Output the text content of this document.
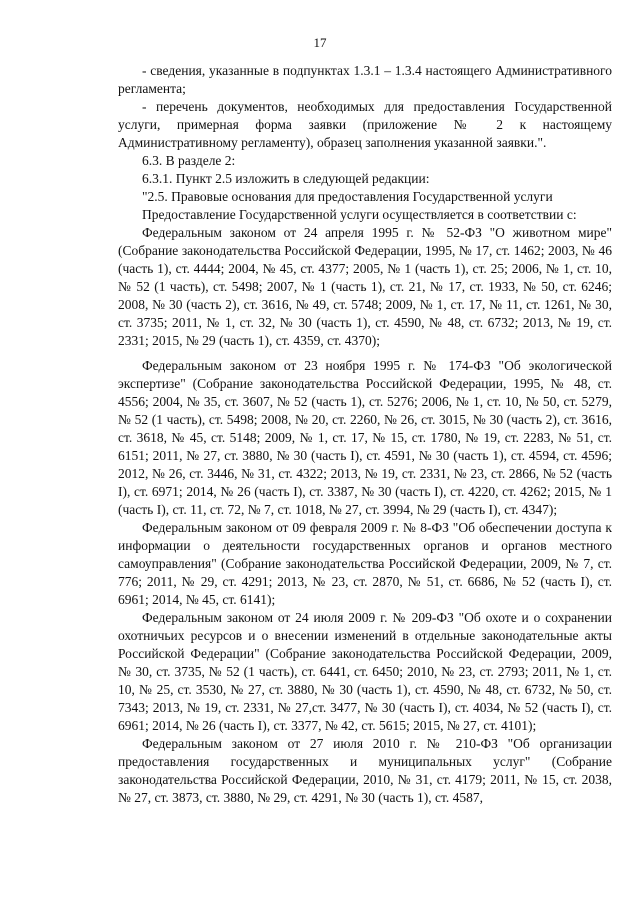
17

- сведения, указанные в подпунктах 1.3.1 – 1.3.4 настоящего Административного регламента;

- перечень документов, необходимых для предоставления Государственной услуги, примерная форма заявки (приложение № 2 к настоящему Административному регламенту), образец заполнения указанной заявки.".

6.3. В разделе 2:

6.3.1. Пункт 2.5 изложить в следующей редакции:

"2.5. Правовые основания для предоставления Государственной услуги

Предоставление Государственной услуги осуществляется в соответствии с:

Федеральным законом от 24 апреля 1995 г. № 52-ФЗ "О животном мире" (Собрание законодательства Российской Федерации, 1995, № 17, ст. 1462; 2003, № 46 (часть 1), ст. 4444; 2004, № 45, ст. 4377; 2005, № 1 (часть 1), ст. 25; 2006, № 1, ст. 10, № 52 (1 часть), ст. 5498; 2007, № 1 (часть 1), ст. 21, № 17, ст. 1933, № 50, ст. 6246; 2008, № 30 (часть 2), ст. 3616, № 49, ст. 5748; 2009, № 1, ст. 17, № 11, ст. 1261, № 30, ст. 3735; 2011, № 1, ст. 32, № 30 (часть 1), ст. 4590, № 48, ст. 6732; 2013, № 19, ст. 2331; 2015, № 29 (часть 1), ст. 4359, ст. 4370);

Федеральным законом от 23 ноября 1995 г. № 174-ФЗ "Об экологической экспертизе" (Собрание законодательства Российской Федерации, 1995, № 48, ст. 4556; 2004, № 35, ст. 3607, № 52 (часть 1), ст. 5276; 2006, № 1, ст. 10, № 50, ст. 5279, № 52 (1 часть), ст. 5498; 2008, № 20, ст. 2260, № 26, ст. 3015, № 30 (часть 2), ст. 3616, ст. 3618, № 45, ст. 5148; 2009, № 1, ст. 17, № 15, ст. 1780, № 19, ст. 2283, № 51, ст. 6151; 2011, № 27, ст. 3880, № 30 (часть I), ст. 4591, № 30 (часть 1), ст. 4594, ст. 4596; 2012, № 26, ст. 3446, № 31, ст. 4322; 2013, № 19, ст. 2331, № 23, ст. 2866, № 52 (часть I), ст. 6971; 2014, № 26 (часть I), ст. 3387, № 30 (часть I), ст. 4220, ст. 4262; 2015, № 1 (часть I), ст. 11, ст. 72, № 7, ст. 1018, № 27, ст. 3994, № 29 (часть I), ст. 4347);

Федеральным законом от 09 февраля 2009 г. № 8-ФЗ "Об обеспечении доступа к информации о деятельности государственных органов и органов местного самоуправления" (Собрание законодательства Российской Федерации, 2009, № 7, ст. 776; 2011, № 29, ст. 4291; 2013, № 23, ст. 2870, № 51, ст. 6686, № 52 (часть I), ст. 6961; 2014, № 45, ст. 6141);

Федеральным законом от 24 июля 2009 г. № 209-ФЗ "Об охоте и о сохранении охотничьих ресурсов и о внесении изменений в отдельные законодательные акты Российской Федерации" (Собрание законодательства Российской Федерации, 2009, № 30, ст. 3735, № 52 (1 часть), ст. 6441, ст. 6450; 2010, № 23, ст. 2793; 2011, № 1, ст. 10, № 25, ст. 3530, № 27, ст. 3880, № 30 (часть 1), ст. 4590, № 48, ст. 6732, № 50, ст. 7343; 2013, № 19, ст. 2331, № 27,ст. 3477, № 30 (часть I), ст. 4034, № 52 (часть I), ст. 6961; 2014, № 26 (часть I), ст. 3377, № 42, ст. 5615; 2015, № 27, ст. 4101);

Федеральным законом от 27 июля 2010 г. № 210-ФЗ "Об организации предоставления государственных и муниципальных услуг" (Собрание законодательства Российской Федерации, 2010, № 31, ст. 4179; 2011, № 15, ст. 2038, № 27, ст. 3873, ст. 3880, № 29, ст. 4291, № 30 (часть 1), ст. 4587,
